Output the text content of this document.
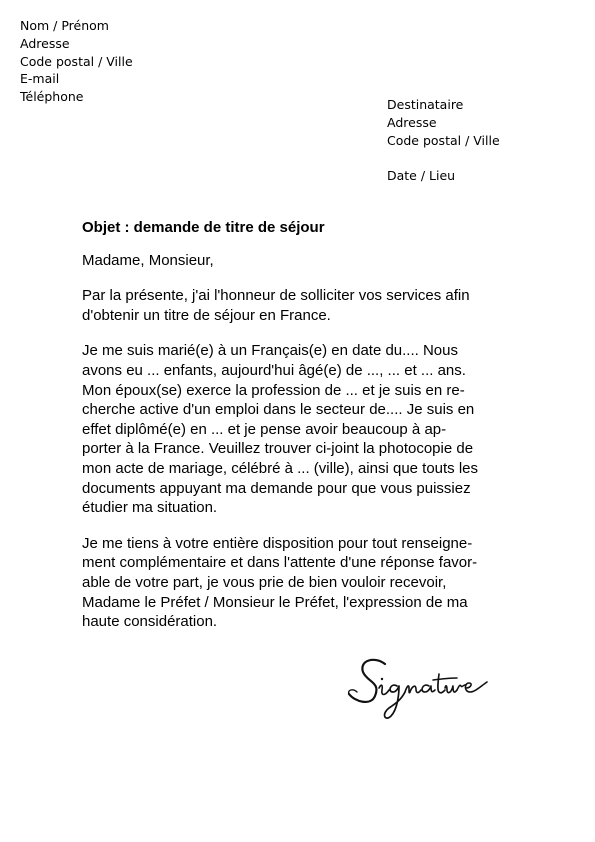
Nom / Prénom
Adresse
Code postal / Ville
E-mail
Téléphone
Destinataire
Adresse
Code postal / Ville
Date / Lieu
Objet : demande de titre de séjour
Madame, Monsieur,
Par la présente, j'ai l'honneur de solliciter vos services afin
d'obtenir un titre de séjour en France.
Je me suis marié(e) à un Français(e) en date du.... Nous
avons eu ... enfants, aujourd'hui âgé(e) de ..., ... et ... ans.
Mon époux(se) exerce la profession de ... et je suis en re-
cherche active d'un emploi dans le secteur de.... Je suis en
effet diplômé(e) en ... et je pense avoir beaucoup à ap-
porter à la France. Veuillez trouver ci-joint la photocopie de
mon acte de mariage, célébré à ... (ville), ainsi que touts les
documents appuyant ma demande pour que vous puissiez
étudier ma situation.
Je me tiens à votre entière disposition pour tout renseigne-
ment complémentaire et dans l'attente d'une réponse favor-
able de votre part, je vous prie de bien vouloir recevoir,
Madame le Préfet / Monsieur le Préfet, l'expression de ma
haute considération.
